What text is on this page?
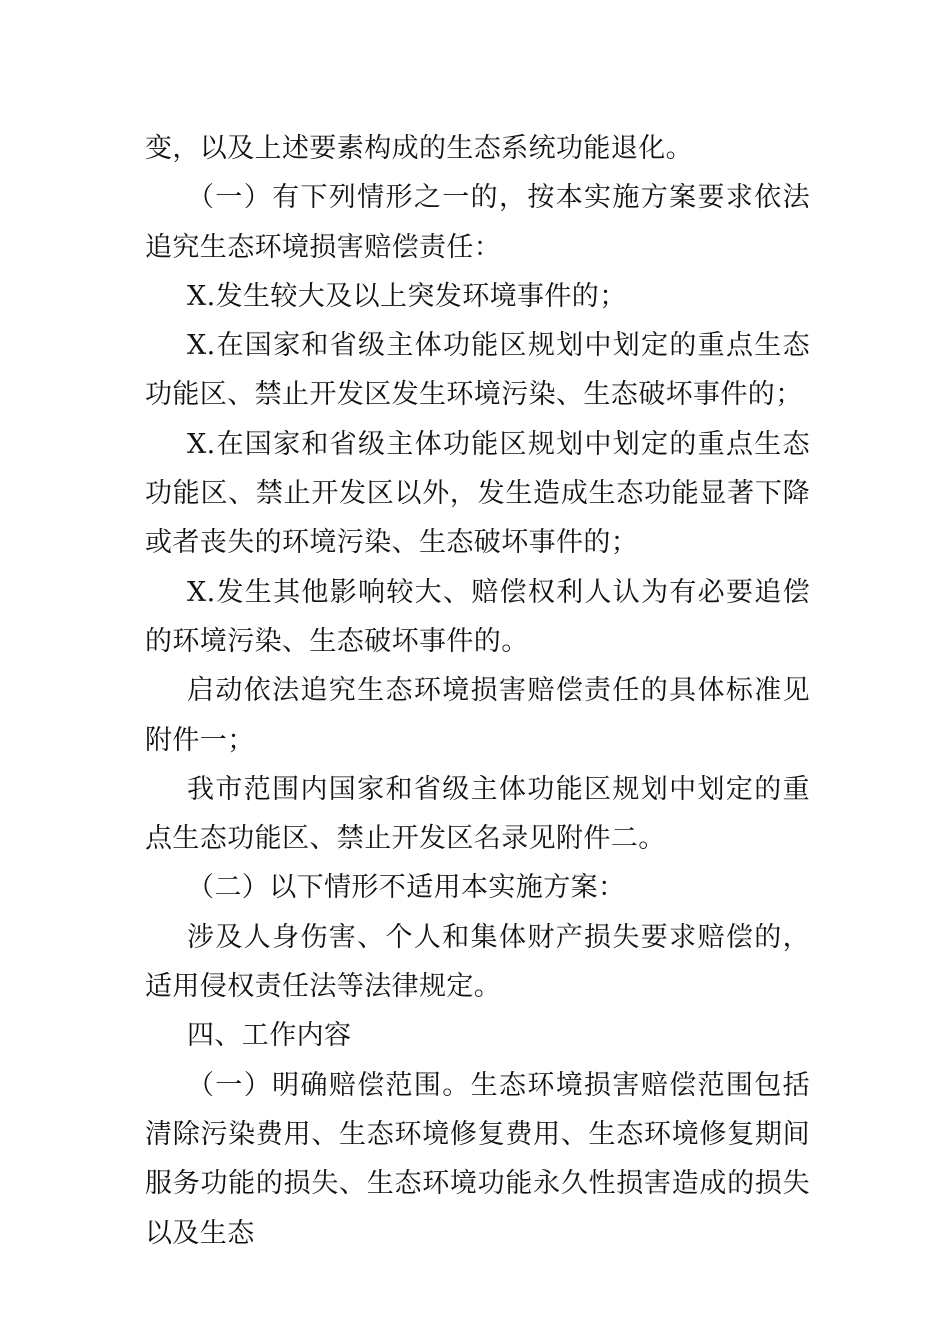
变，以及上述要素构成的生态系统功能退化。

（一）有下列情形之一的，按本实施方案要求依法追究生态环境损害赔偿责任：

X.发生较大及以上突发环境事件的；

X.在国家和省级主体功能区规划中划定的重点生态功能区、禁止开发区发生环境污染、生态破坏事件的；

X.在国家和省级主体功能区规划中划定的重点生态功能区、禁止开发区以外，发生造成生态功能显著下降或者丧失的环境污染、生态破坏事件的；

X.发生其他影响较大、赔偿权利人认为有必要追偿的环境污染、生态破坏事件的。

启动依法追究生态环境损害赔偿责任的具体标准见附件一；

我市范围内国家和省级主体功能区规划中划定的重点生态功能区、禁止开发区名录见附件二。

（二）以下情形不适用本实施方案：

涉及人身伤害、个人和集体财产损失要求赔偿的，适用侵权责任法等法律规定。

四、工作内容

（一）明确赔偿范围。生态环境损害赔偿范围包括清除污染费用、生态环境修复费用、生态环境修复期间服务功能的损失、生态环境功能永久性损害造成的损失以及生态
